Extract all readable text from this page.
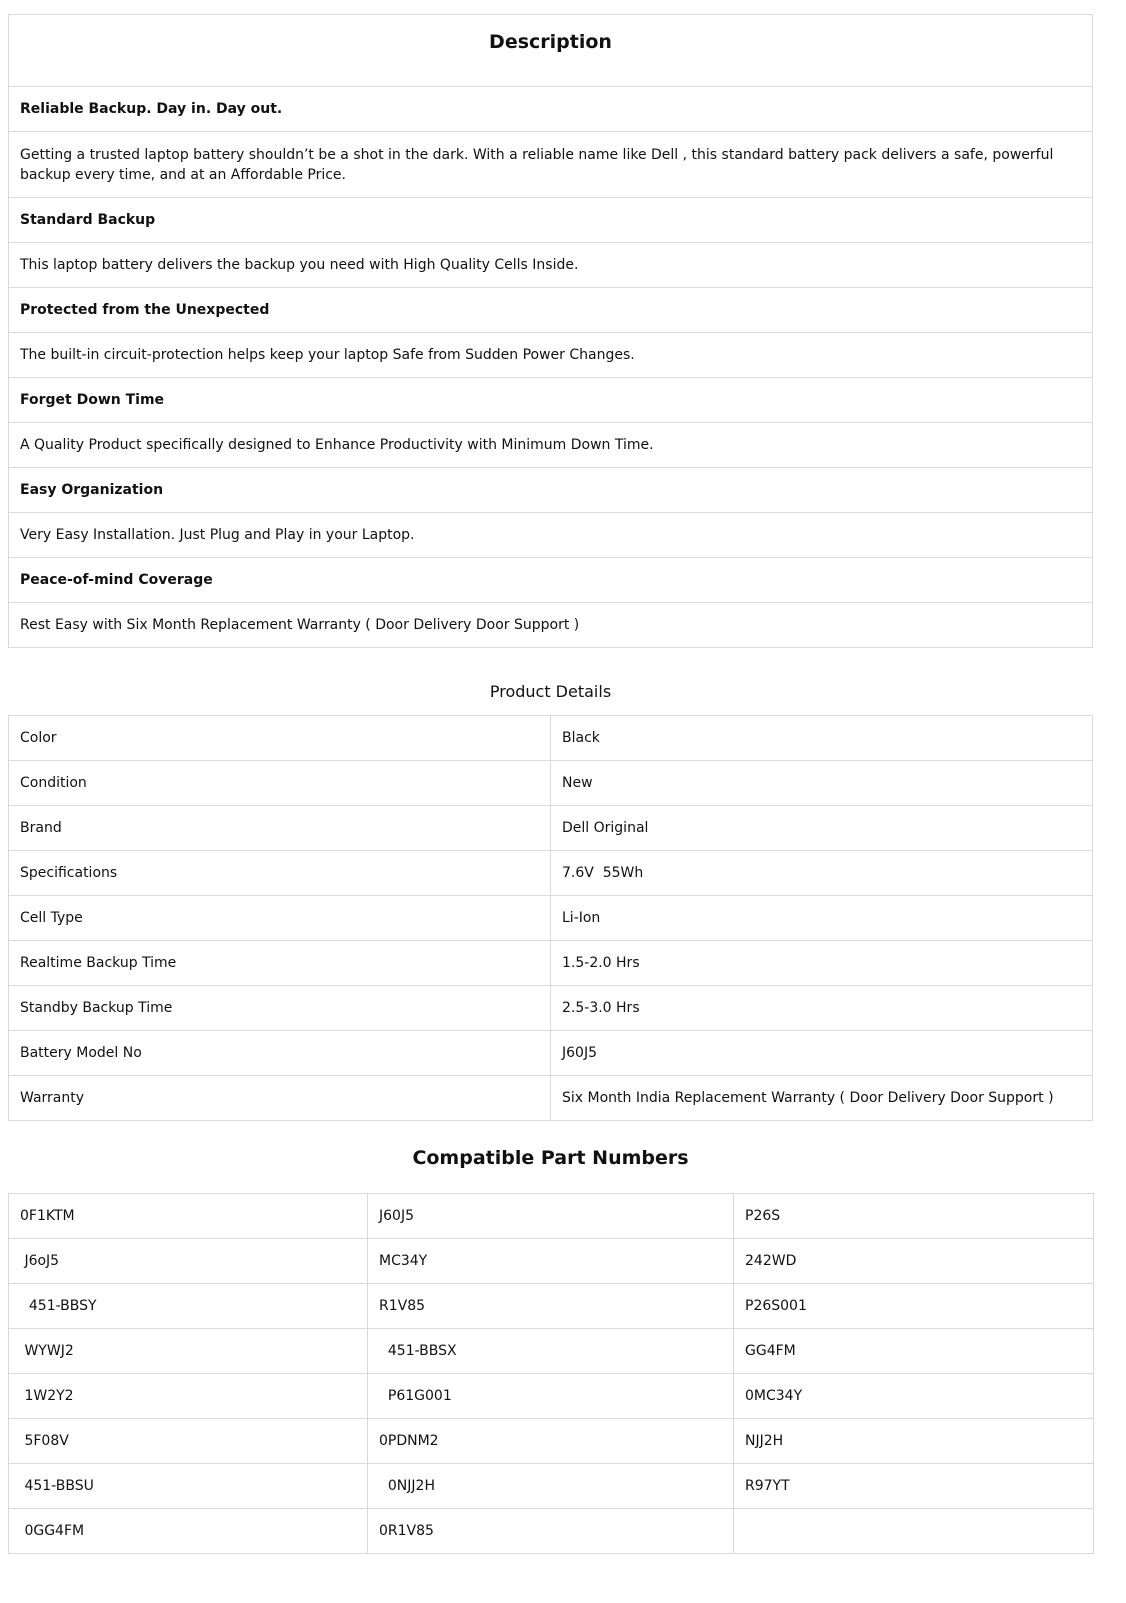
Description
Reliable Backup. Day in. Day out.
Getting a trusted laptop battery shouldn’t be a shot in the dark. With a reliable name like Dell , this standard battery pack delivers a safe, powerful backup every time, and at an Affordable Price.
Standard Backup
This laptop battery delivers the backup you need with High Quality Cells Inside.
Protected from the Unexpected
The built-in circuit-protection helps keep your laptop Safe from Sudden Power Changes.
Forget Down Time
A Quality Product specifically designed to Enhance Productivity with Minimum Down Time.
Easy Organization
Very Easy Installation. Just Plug and Play in your Laptop.
Peace-of-mind Coverage
Rest Easy with Six Month Replacement Warranty ( Door Delivery Door Support )
Product Details
Color	Black
Condition	New
Brand	Dell Original
Specifications	7.6V  55Wh
Cell Type	Li-Ion
Realtime Backup Time	1.5-2.0 Hrs
Standby Backup Time	2.5-3.0 Hrs
Battery Model No	J60J5
Warranty	Six Month India Replacement Warranty ( Door Delivery Door Support )
Compatible Part Numbers
0F1KTM	J60J5	P26S
J6oJ5	MC34Y	242WD
451-BBSY	R1V85	P26S001
WYWJ2	451-BBSX	GG4FM
1W2Y2	P61G001	0MC34Y
5F08V	0PDNM2	NJJ2H
451-BBSU	0NJJ2H	R97YT
0GG4FM	0R1V85	
